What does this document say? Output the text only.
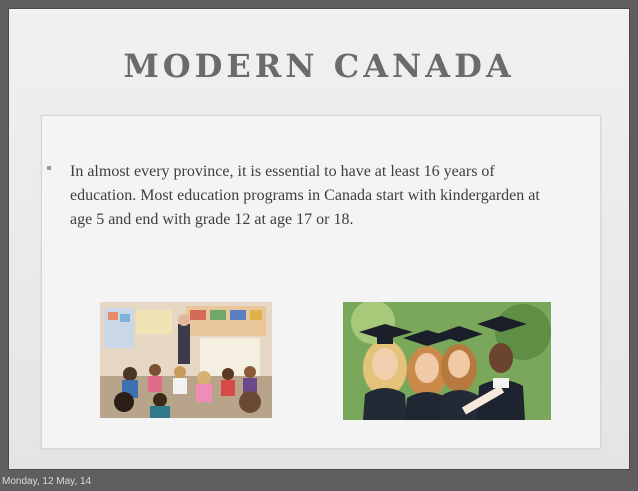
MODERN CANADA
In almost every province, it is essential to have at least 16 years of education. Most education programs in Canada start with kindergarden at age 5 and end with grade 12 at age 17 or 18.
Monday, 12 May, 14
